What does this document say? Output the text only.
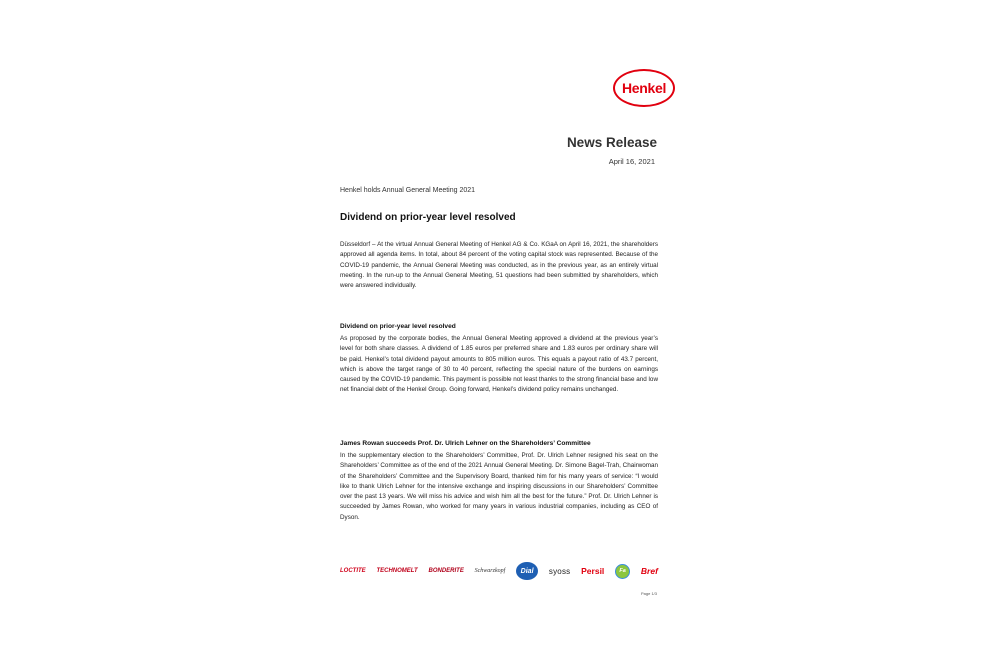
Henkel
News Release
April 16, 2021
Henkel holds Annual General Meeting 2021
Dividend on prior-year level resolved

Düsseldorf – At the virtual Annual General Meeting of Henkel AG & Co. KGaA on April 16, 2021, the shareholders approved all agenda items. In total, about 84 percent of the voting capital stock was represented. Because of the COVID-19 pandemic, the Annual General Meeting was conducted, as in the previous year, as an entirely virtual meeting. In the run-up to the Annual General Meeting, 51 questions had been submitted by shareholders, which were answered individually.

Dividend on prior-year level resolved

As proposed by the corporate bodies, the Annual General Meeting approved a dividend at the previous year’s level for both share classes. A dividend of 1.85 euros per preferred share and 1.83 euros per ordinary share will be paid. Henkel’s total dividend payout amounts to 805 million euros. This equals a payout ratio of 43.7 percent, which is above the target range of 30 to 40 percent, reflecting the special nature of the burdens on earnings caused by the COVID-19 pandemic. This payment is possible not least thanks to the strong financial base and low net financial debt of the Henkel Group. Going forward, Henkel’s dividend policy remains unchanged.

James Rowan succeeds Prof. Dr. Ulrich Lehner on the Shareholders’ Committee

In the supplementary election to the Shareholders’ Committee, Prof. Dr. Ulrich Lehner resigned his seat on the Shareholders’ Committee as of the end of the 2021 Annual General Meeting. Dr. Simone Bagel-Trah, Chairwoman of the Shareholders’ Committee and the Supervisory Board, thanked him for his many years of service: “I would like to thank Ulrich Lehner for the intensive exchange and inspiring discussions in our Shareholders’ Committee over the past 13 years. We will miss his advice and wish him all the best for the future.” Prof. Dr. Ulrich Lehner is succeeded by James Rowan, who worked for many years in various industrial companies, including as CEO of Dyson.

LOCTITE TECHNOMELT BONDERITE Schwarzkopf	Dial	syoss Persil	Fa	Bref
Page 1/3
